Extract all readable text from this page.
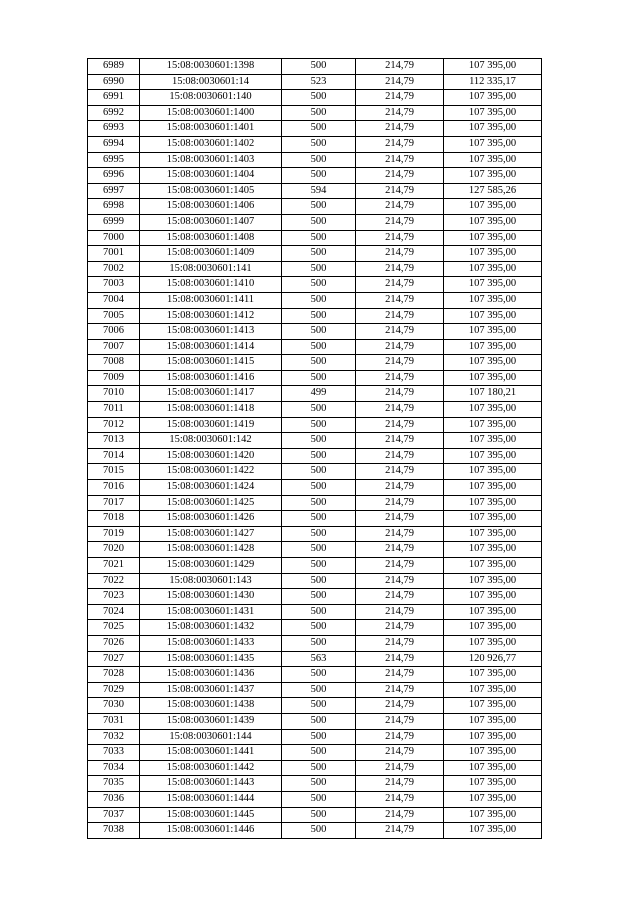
6989	15:08:0030601:1398	500	214,79	107 395,00
6990	15:08:0030601:14	523	214,79	112 335,17
6991	15:08:0030601:140	500	214,79	107 395,00
6992	15:08:0030601:1400	500	214,79	107 395,00
6993	15:08:0030601:1401	500	214,79	107 395,00
6994	15:08:0030601:1402	500	214,79	107 395,00
6995	15:08:0030601:1403	500	214,79	107 395,00
6996	15:08:0030601:1404	500	214,79	107 395,00
6997	15:08:0030601:1405	594	214,79	127 585,26
6998	15:08:0030601:1406	500	214,79	107 395,00
6999	15:08:0030601:1407	500	214,79	107 395,00
7000	15:08:0030601:1408	500	214,79	107 395,00
7001	15:08:0030601:1409	500	214,79	107 395,00
7002	15:08:0030601:141	500	214,79	107 395,00
7003	15:08:0030601:1410	500	214,79	107 395,00
7004	15:08:0030601:1411	500	214,79	107 395,00
7005	15:08:0030601:1412	500	214,79	107 395,00
7006	15:08:0030601:1413	500	214,79	107 395,00
7007	15:08:0030601:1414	500	214,79	107 395,00
7008	15:08:0030601:1415	500	214,79	107 395,00
7009	15:08:0030601:1416	500	214,79	107 395,00
7010	15:08:0030601:1417	499	214,79	107 180,21
7011	15:08:0030601:1418	500	214,79	107 395,00
7012	15:08:0030601:1419	500	214,79	107 395,00
7013	15:08:0030601:142	500	214,79	107 395,00
7014	15:08:0030601:1420	500	214,79	107 395,00
7015	15:08:0030601:1422	500	214,79	107 395,00
7016	15:08:0030601:1424	500	214,79	107 395,00
7017	15:08:0030601:1425	500	214,79	107 395,00
7018	15:08:0030601:1426	500	214,79	107 395,00
7019	15:08:0030601:1427	500	214,79	107 395,00
7020	15:08:0030601:1428	500	214,79	107 395,00
7021	15:08:0030601:1429	500	214,79	107 395,00
7022	15:08:0030601:143	500	214,79	107 395,00
7023	15:08:0030601:1430	500	214,79	107 395,00
7024	15:08:0030601:1431	500	214,79	107 395,00
7025	15:08:0030601:1432	500	214,79	107 395,00
7026	15:08:0030601:1433	500	214,79	107 395,00
7027	15:08:0030601:1435	563	214,79	120 926,77
7028	15:08:0030601:1436	500	214,79	107 395,00
7029	15:08:0030601:1437	500	214,79	107 395,00
7030	15:08:0030601:1438	500	214,79	107 395,00
7031	15:08:0030601:1439	500	214,79	107 395,00
7032	15:08:0030601:144	500	214,79	107 395,00
7033	15:08:0030601:1441	500	214,79	107 395,00
7034	15:08:0030601:1442	500	214,79	107 395,00
7035	15:08:0030601:1443	500	214,79	107 395,00
7036	15:08:0030601:1444	500	214,79	107 395,00
7037	15:08:0030601:1445	500	214,79	107 395,00
7038	15:08:0030601:1446	500	214,79	107 395,00
